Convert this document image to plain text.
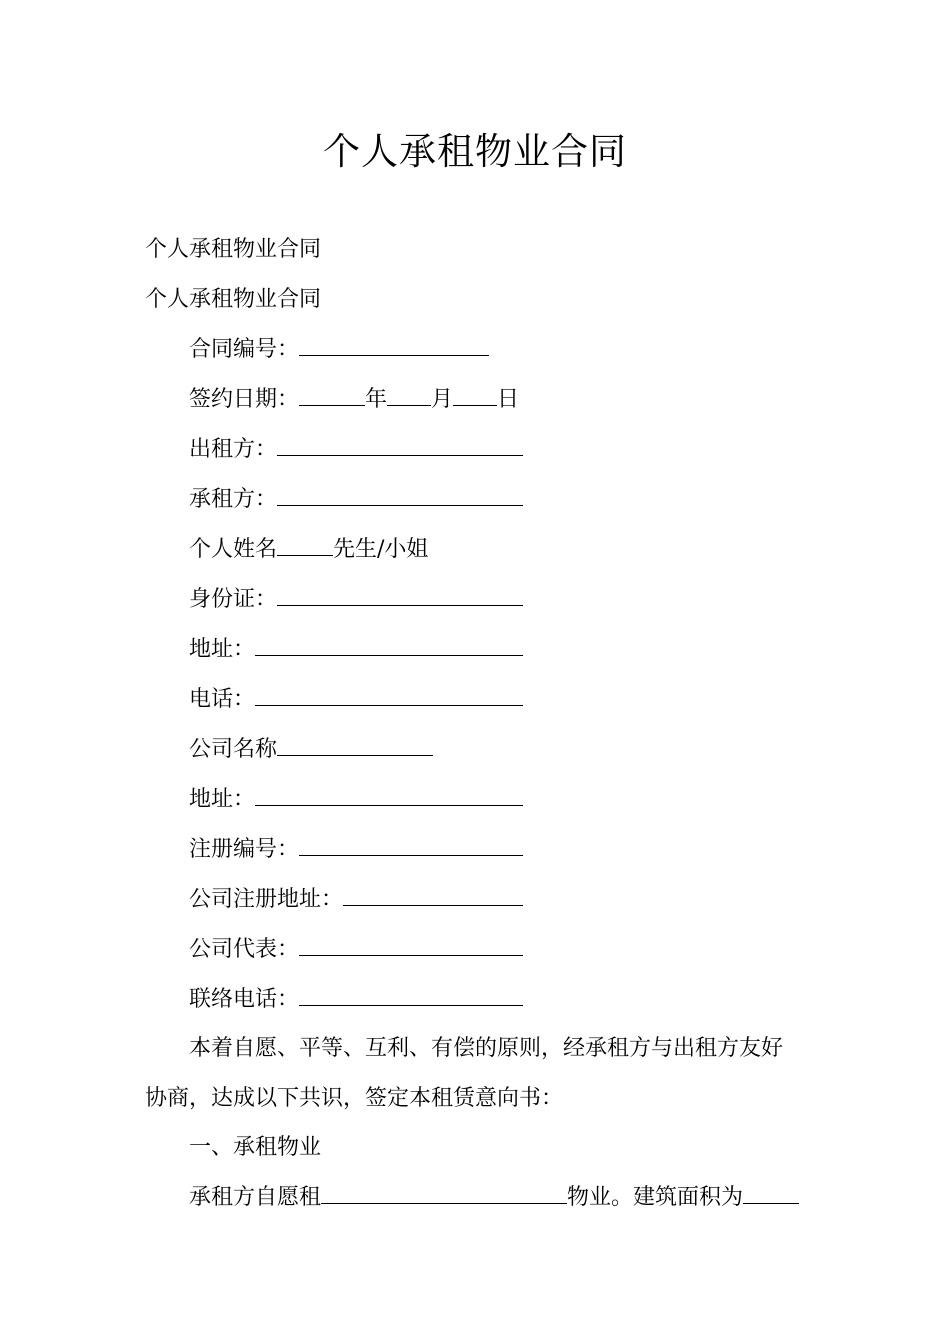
个人承租物业合同
个人承租物业合同
个人承租物业合同
合同编号：
签约日期：	年 月 日
出租方：
承租方：
个人姓名	先生/小姐
身份证：
地址：
电话：
公司名称
地址：
注册编号：
公司注册地址：
公司代表：
联络电话：
本着自愿、平等、互利、有偿的原则，经承租方与出租方友好
协商，达成以下共识，签定本租赁意向书：
一、承租物业
承租方自愿租	物业。建筑面积为
